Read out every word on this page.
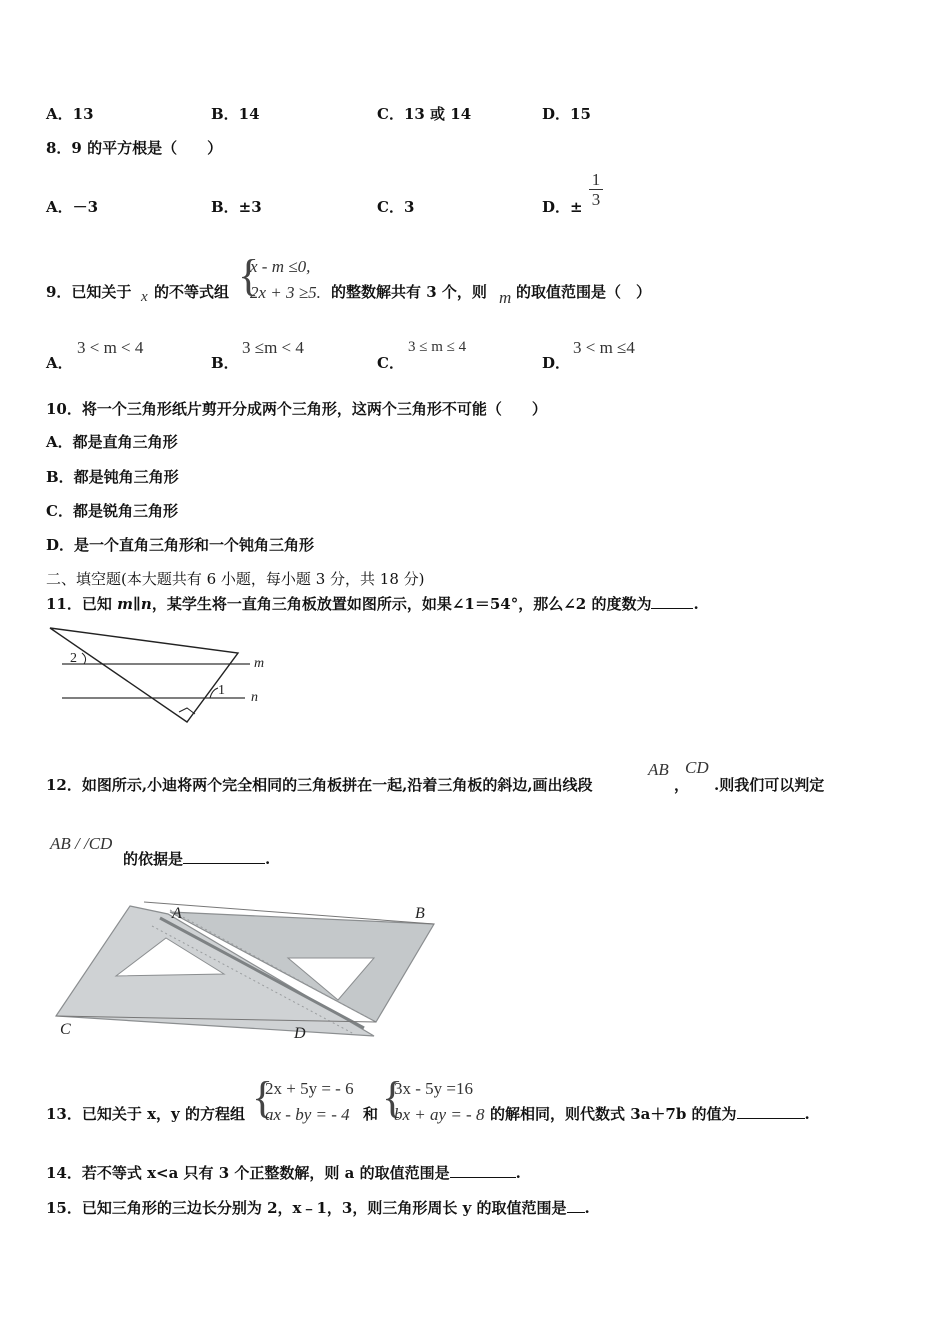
A．13	B．14	C．13 或 14	D．15
8．9 的平方根是（　　）
A．－3	B．±3	C．3	D．±
1
3
9．已知关于 x 的不等式组 {
x - m ≤0,
2x + 3 ≥5. 的整数解共有 3 个，则 m 的取值范围是（　）
A．
3 < m < 4
B．
3 ≤m < 4
C．
3 ≤ m ≤ 4
D．
3 < m ≤4
10．将一个三角形纸片剪开分成两个三角形，这两个三角形不可能（　　）
A．都是直角三角形
B．都是钝角三角形
C．都是锐角三角形
D．是一个直角三角形和一个钝角三角形
二、填空题(本大题共有 6 小题，每小题 3 分，共 18 分)
11．已知 m∥n，某学生将一直角三角板放置如图所示，如果∠1＝54°，那么∠2 的度数为	.
2
1
m
n
12．如图所示,小迪将两个完全相同的三角板拼在一起,沿着三角板的斜边,画出线段
AB
，
CD
.则我们可以判定
AB / /CD
的依据是	.
A	B
C	D
13．已知关于 x，y 的方程组 {
2x + 5y = - 6
ax - by = - 4 和 {
3x - 5y =16
bx + ay = - 8 的解相同，则代数式 3a＋7b 的值为	.
14．若不等式 x<a 只有 3 个正整数解，则 a 的取值范围是	.
15．已知三角形的三边长分别为 2，x﹣1，3，则三角形周长 y 的取值范围是 .
